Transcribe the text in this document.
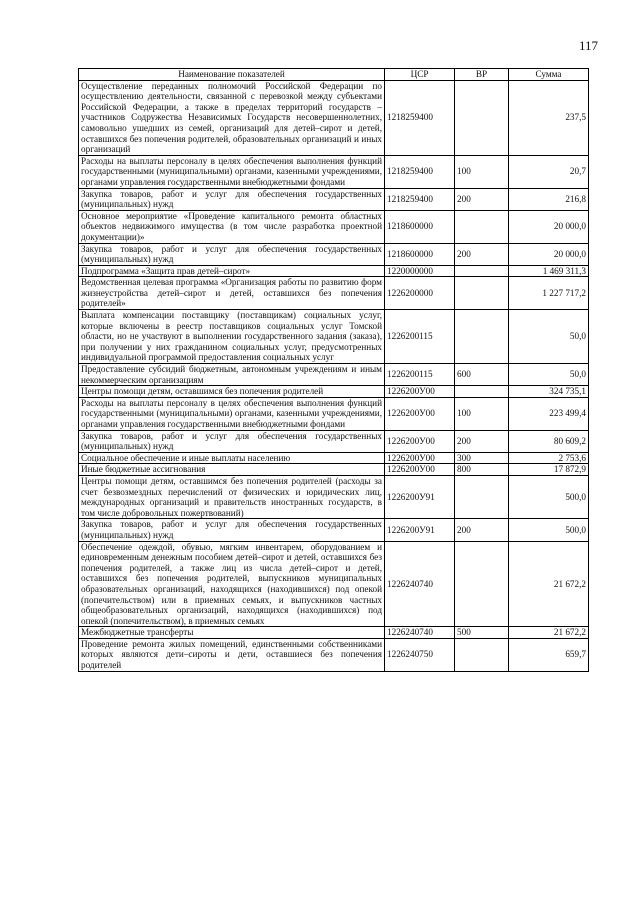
117
Наименование показателей	ЦСР	ВР	Сумма
Осуществление переданных полномочий Российской Федерации по осуществлению деятельности, связанной с перевозкой между субъектами Российской Федерации, а также в пределах территорий государств – участников Содружества Независимых Государств несовершеннолетних, самовольно ушедших из семей, организаций для детей–сирот и детей, оставшихся без попечения родителей, образовательных организаций и иных организаций	1218259400		237,5
Расходы на выплаты персоналу в целях обеспечения выполнения функций государственными (муниципальными) органами, казенными учреждениями, органами управления государственными внебюджетными фондами	1218259400	100	20,7
Закупка товаров, работ и услуг для обеспечения государственных (муниципальных) нужд	1218259400	200	216,8
Основное мероприятие «Проведение капитального ремонта областных объектов недвижимого имущества (в том числе разработка проектной документации)»	1218600000		20 000,0
Закупка товаров, работ и услуг для обеспечения государственных (муниципальных) нужд	1218600000	200	20 000,0
Подпрограмма «Защита прав детей–сирот»	1220000000		1 469 311,3
Ведомственная целевая программа «Организация работы по развитию форм жизнеустройства детей–сирот и детей, оставшихся без попечения родителей»	1226200000		1 227 717,2
Выплата компенсации поставщику (поставщикам) социальных услуг, которые включены в реестр поставщиков социальных услуг Томской области, но не участвуют в выполнении государственного задания (заказа), при получении у них гражданином социальных услуг, предусмотренных индивидуальной программой предоставления социальных услуг	1226200115		50,0
Предоставление субсидий бюджетным, автономным учреждениям и иным некоммерческим организациям	1226200115	600	50,0
Центры помощи детям, оставшимся без попечения родителей	1226200У00		324 735,1
Расходы на выплаты персоналу в целях обеспечения выполнения функций государственными (муниципальными) органами, казенными учреждениями, органами управления государственными внебюджетными фондами	1226200У00	100	223 499,4
Закупка товаров, работ и услуг для обеспечения государственных (муниципальных) нужд	1226200У00	200	80 609,2
Социальное обеспечение и иные выплаты населению	1226200У00	300	2 753,6
Иные бюджетные ассигнования	1226200У00	800	17 872,9
Центры помощи детям, оставшимся без попечения родителей (расходы за счет безвозмездных перечислений от физических и юридических лиц, международных организаций и правительств иностранных государств, в том числе добровольных пожертвований)	1226200У91		500,0
Закупка товаров, работ и услуг для обеспечения государственных (муниципальных) нужд	1226200У91	200	500,0
Обеспечение одеждой, обувью, мягким инвентарем, оборудованием и единовременным денежным пособием детей–сирот и детей, оставшихся без попечения родителей, а также лиц из числа детей–сирот и детей, оставшихся без попечения родителей, выпускников муниципальных образовательных организаций, находящихся (находившихся) под опекой (попечительством) или в приемных семьях, и выпускников частных общеобразовательных организаций, находящихся (находившихся) под опекой (попечительством), в приемных семьях	1226240740		21 672,2
Межбюджетные трансферты	1226240740	500	21 672,2
Проведение ремонта жилых помещений, единственными собственниками которых являются дети–сироты и дети, оставшиеся без попечения родителей	1226240750		659,7
